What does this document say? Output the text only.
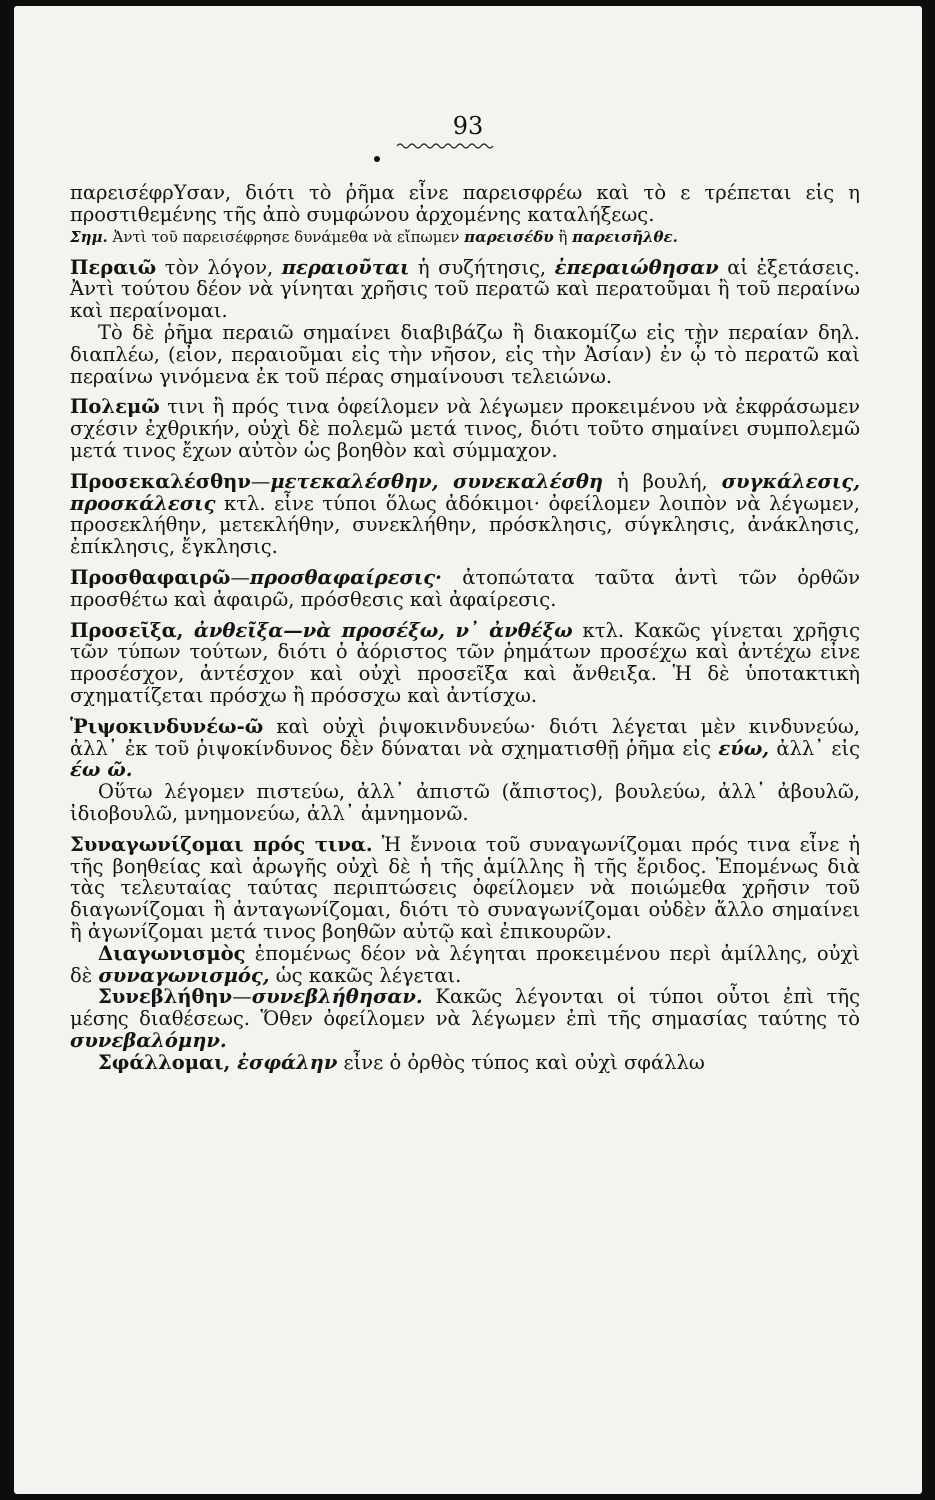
93

παρεισέφρΥσαν, διότι τὸ ῥῆμα εἶνε παρεισφρέω καὶ τὸ ε τρέπεται εἰς η προστιθεμένης τῆς ἀπὸ συμφώνου ἀρχομένης καταλήξεως.

Σημ. Ἀντὶ τοῦ παρεισέφρησε δυνάμεθα νὰ εἴπωμεν παρεισέδυ ἢ παρεισῆλθε.

Περαιῶ τὸν λόγον, περαιοῦται ἡ συζήτησις, ἐπεραιώθησαν αἱ ἐξετάσεις. Ἀντὶ τούτου δέον νὰ γίνηται χρῆσις τοῦ περατῶ καὶ περατοῦμαι ἢ τοῦ περαίνω καὶ περαίνομαι.

Τὸ δὲ ῥῆμα περαιῶ σημαίνει διαβιβάζω ἢ διακομίζω εἰς τὴν περαίαν δηλ. διαπλέω, (εἶον, περαιοῦμαι εἰς τὴν νῆσον, εἰς τὴν Ἀσίαν) ἐν ᾧ τὸ περατῶ καὶ περαίνω γινόμενα ἐκ τοῦ πέρας σημαίνουσι τελειώνω.

Πολεμῶ τινι ἢ πρός τινα ὀφείλομεν νὰ λέγωμεν προκειμένου νὰ ἐκφράσωμεν σχέσιν ἐχθρικήν, οὐχὶ δὲ πολεμῶ μετά τινος, διότι τοῦτο σημαίνει συμπολεμῶ μετά τινος ἔχων αὐτὸν ὡς βοηθὸν καὶ σύμμαχον.

Προσεκαλέσθην—μετεκαλέσθην, συνεκαλέσθη ἡ βουλή, συγκάλεσις, προσκάλεσις κτλ. εἶνε τύποι ὅλως ἀδόκιμοι· ὀφείλομεν λοιπὸν νὰ λέγωμεν, προσεκλήθην, μετεκλήθην, συνεκλήθην, πρόσκλησις, σύγκλησις, ἀνάκλησις, ἐπίκλησις, ἔγκλησις.

Προσθαφαιρῶ—προσθαφαίρεσις· ἀτοπώτατα ταῦτα ἀντὶ τῶν ὀρθῶν προσθέτω καὶ ἀφαιρῶ, πρόσθεσις καὶ ἀφαίρεσις.

Προσεῖξα, ἀνθεῖξα—νὰ προσέξω, ν᾽ ἀνθέξω κτλ. Κακῶς γίνεται χρῆσις τῶν τύπων τούτων, διότι ὁ ἀόριστος τῶν ῥημάτων προσέχω καὶ ἀντέχω εἶνε προσέσχον, ἀντέσχον καὶ οὐχὶ προσεῖξα καὶ ἄνθειξα. Ἡ δὲ ὑποτακτικὴ σχηματίζεται πρόσχω ἢ πρόσσχω καὶ ἀντίσχω.

Ῥιψοκινδυνέω-ῶ καὶ οὐχὶ ῥιψοκινδυνεύω· διότι λέγεται μὲν κινδυνεύω, ἀλλ᾽ ἐκ τοῦ ῥιψοκίνδυνος δὲν δύναται νὰ σχηματισθῇ ῥῆμα εἰς εύω, ἀλλ᾽ εἰς έω ῶ.

Οὕτω λέγομεν πιστεύω, ἀλλ᾽ ἀπιστῶ (ἄπιστος), βουλεύω, ἀλλ᾽ ἀβουλῶ, ἰδιοβουλῶ, μνημονεύω, ἀλλ᾽ ἀμνημονῶ.

Συναγωνίζομαι πρός τινα. Ἡ ἔννοια τοῦ συναγωνίζομαι πρός τινα εἶνε ἡ τῆς βοηθείας καὶ ἀρωγῆς οὐχὶ δὲ ἡ τῆς ἁμίλλης ἢ τῆς ἔριδος. Ἑπομένως διὰ τὰς τελευταίας ταύτας περιπτώσεις ὀφείλομεν νὰ ποιώμεθα χρῆσιν τοῦ διαγωνίζομαι ἢ ἀνταγωνίζομαι, διότι τὸ συναγωνίζομαι οὐδὲν ἄλλο σημαίνει ἢ ἀγωνίζομαι μετά τινος βοηθῶν αὐτῷ καὶ ἐπικουρῶν.

Διαγωνισμὸς ἑπομένως δέον νὰ λέγηται προκειμένου περὶ ἁμίλλης, οὐχὶ δὲ συναγωνισμός, ὡς κακῶς λέγεται.

Συνεβλήθην—συνεβλήθησαν. Κακῶς λέγονται οἱ τύποι οὗτοι ἐπὶ τῆς μέσης διαθέσεως. Ὅθεν ὀφείλομεν νὰ λέγωμεν ἐπὶ τῆς σημασίας ταύτης τὸ συνεβαλόμην.

Σφάλλομαι, ἐσφάλην εἶνε ὁ ὀρθὸς τύπος καὶ οὐχὶ σφάλλω
